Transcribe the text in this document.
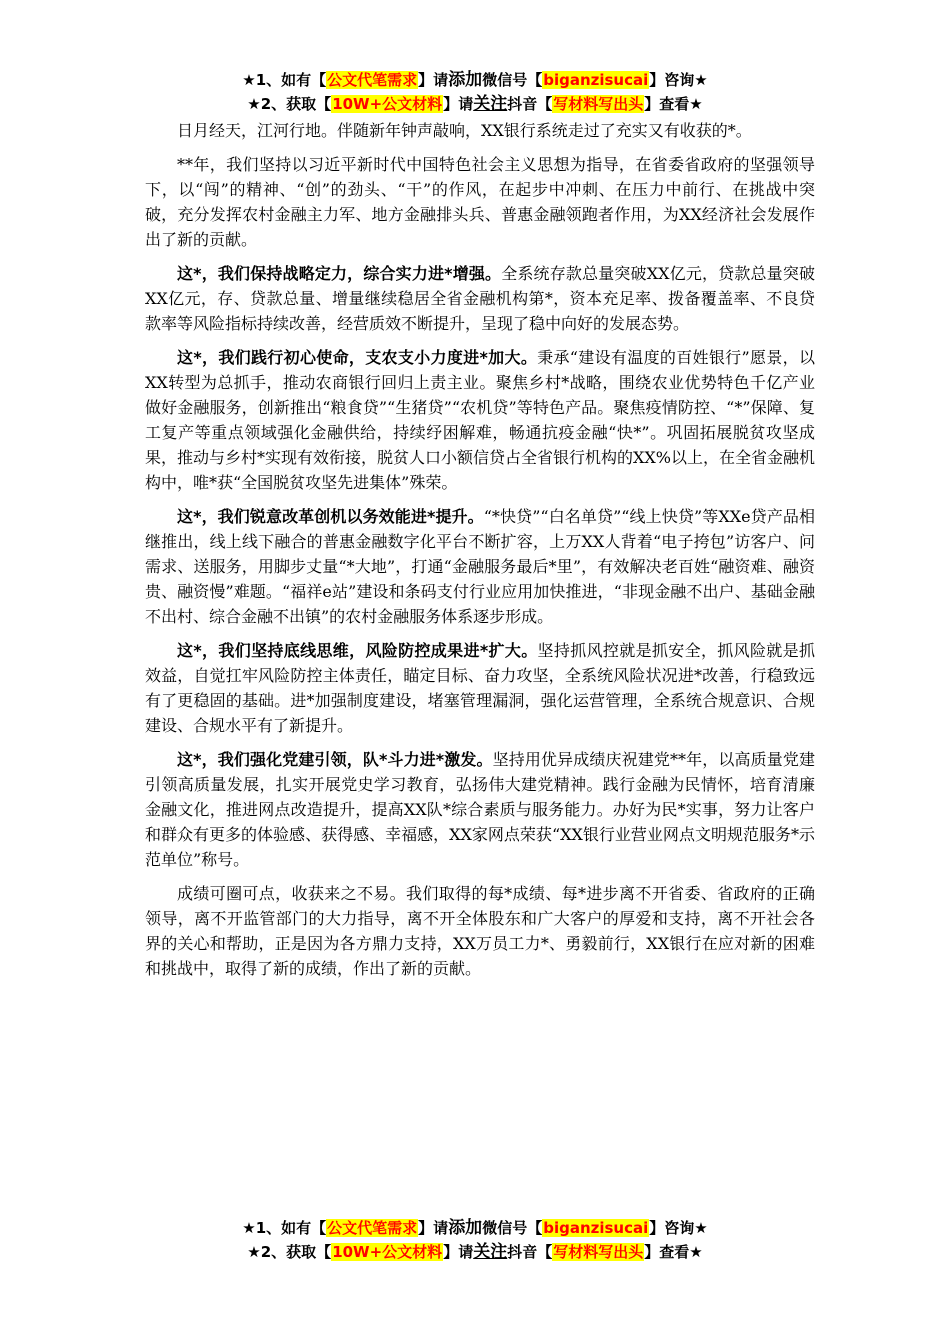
★1、如有【公文代笔需求】请添加微信号【biganzisucai】咨询★
★2、获取【10W+公文材料】请关注抖音【写材料写出头】查看★

日月经天，江河行地。伴随新年钟声敲响，XX银行系统走过了充实又有收获的*。

**年，我们坚持以习近平新时代中国特色社会主义思想为指导，在省委省政府的坚强领导下，以“闯”的精神、“创”的劲头、“干”的作风，在起步中冲刺、在压力中前行、在挑战中突破，充分发挥农村金融主力军、地方金融排头兵、普惠金融领跑者作用，为XX经济社会发展作出了新的贡献。

这*，我们保持战略定力，综合实力进*增强。全系统存款总量突破XX亿元，贷款总量突破XX亿元，存、贷款总量、增量继续稳居全省金融机构第*，资本充足率、拨备覆盖率、不良贷款率等风险指标持续改善，经营质效不断提升，呈现了稳中向好的发展态势。

这*，我们践行初心使命，支农支小力度进*加大。秉承“建设有温度的百姓银行”愿景，以XX转型为总抓手，推动农商银行回归上责主业。聚焦乡村*战略，围绕农业优势特色千亿产业做好金融服务，创新推出“粮食贷”“生猪贷”“农机贷”等特色产品。聚焦疫情防控、“*”保障、复工复产等重点领域强化金融供给，持续纾困解难，畅通抗疫金融“快*”。巩固拓展脱贫攻坚成果，推动与乡村*实现有效衔接，脱贫人口小额信贷占全省银行机构的XX%以上，在全省金融机构中，唯*获“全国脱贫攻坚先进集体”殊荣。

这*，我们锐意改革创机以务效能进*提升。“*快贷”“白名单贷”“线上快贷”等XXe贷产品相继推出，线上线下融合的普惠金融数字化平台不断扩容，上万XX人背着“电子挎包”访客户、问需求、送服务，用脚步丈量“*大地”，打通“金融服务最后*里”，有效解决老百姓“融资难、融资贵、融资慢”难题。“福祥e站”建设和条码支付行业应用加快推进，“非现金融不出户、基础金融不出村、综合金融不出镇”的农村金融服务体系逐步形成。

这*，我们坚持底线思维，风险防控成果进*扩大。坚持抓风控就是抓安全，抓风险就是抓效益，自觉扛牢风险防控主体责任，瞄定目标、奋力攻坚，全系统风险状况进*改善，行稳致远有了更稳固的基础。进*加强制度建设，堵塞管理漏洞，强化运营管理，全系统合规意识、合规建设、合规水平有了新提升。

这*，我们强化党建引领，队*斗力进*激发。坚持用优异成绩庆祝建党**年，以高质量党建引领高质量发展，扎实开展党史学习教育，弘扬伟大建党精神。践行金融为民情怀，培育清廉金融文化，推进网点改造提升，提高XX队*综合素质与服务能力。办好为民*实事，努力让客户和群众有更多的体验感、获得感、幸福感，XX家网点荣获“XX银行业营业网点文明规范服务*示范单位”称号。

成绩可圈可点，收获来之不易。我们取得的每*成绩、每*进步离不开省委、省政府的正确领导，离不开监管部门的大力指导，离不开全体股东和广大客户的厚爱和支持，离不开社会各界的关心和帮助，正是因为各方鼎力支持，XX万员工力*、勇毅前行，XX银行在应对新的困难和挑战中，取得了新的成绩，作出了新的贡献。

★1、如有【公文代笔需求】请添加微信号【biganzisucai】咨询★
★2、获取【10W+公文材料】请关注抖音【写材料写出头】查看★
